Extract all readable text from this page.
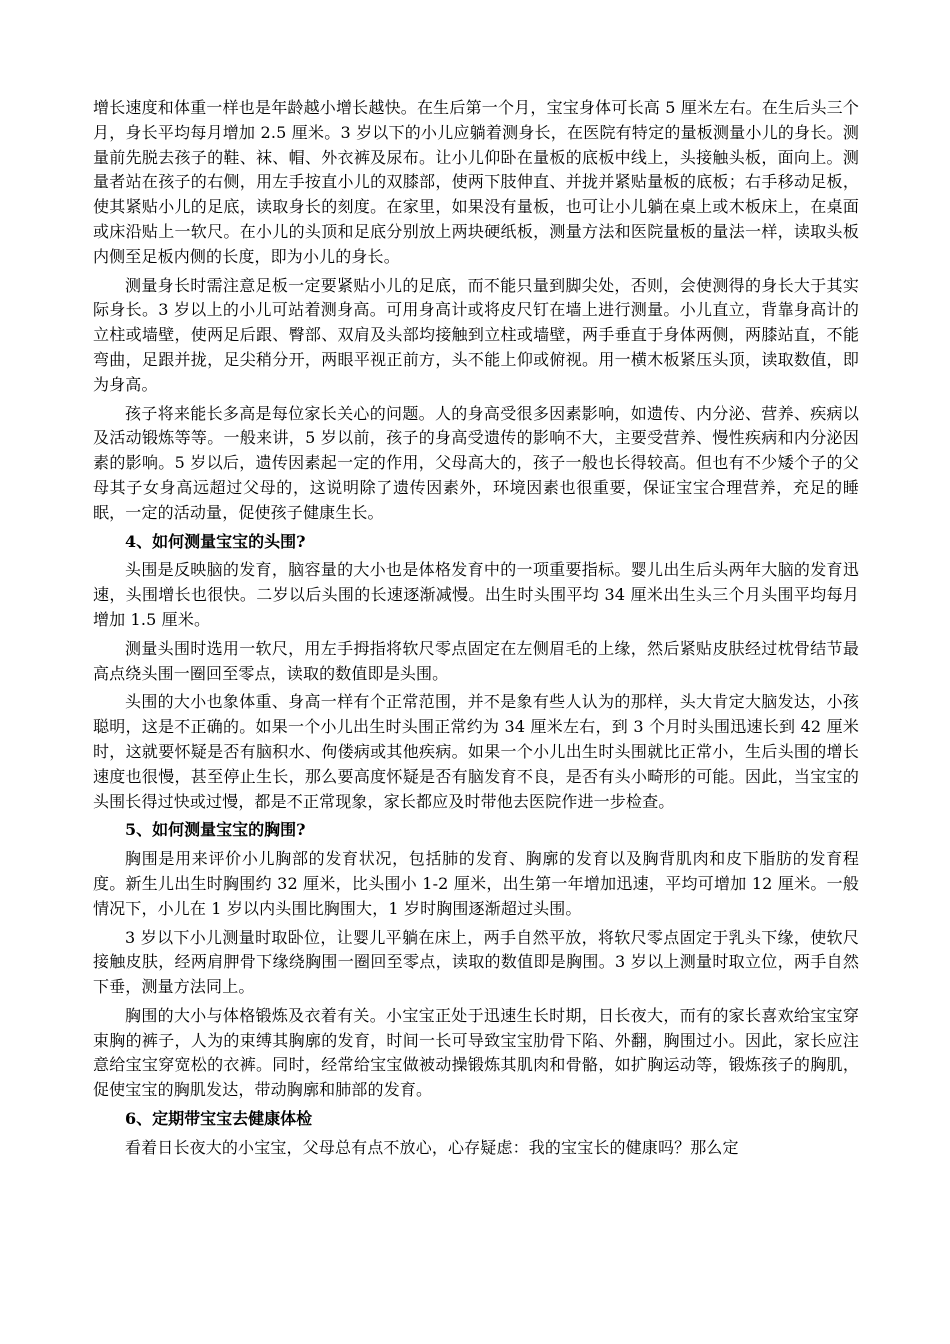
增长速度和体重一样也是年龄越小增长越快。在生后第一个月，宝宝身体可长高 5 厘米左右。在生后头三个月，身长平均每月增加 2.5 厘米。3 岁以下的小儿应躺着测身长，在医院有特定的量板测量小儿的身长。测量前先脱去孩子的鞋、袜、帽、外衣裤及尿布。让小儿仰卧在量板的底板中线上，头接触头板，面向上。测量者站在孩子的右侧，用左手按直小儿的双膝部，使两下肢伸直、并拢并紧贴量板的底板；右手移动足板，使其紧贴小儿的足底，读取身长的刻度。在家里，如果没有量板，也可让小儿躺在桌上或木板床上，在桌面或床沿贴上一软尺。在小儿的头顶和足底分别放上两块硬纸板，测量方法和医院量板的量法一样，读取头板内侧至足板内侧的长度，即为小儿的身长。

测量身长时需注意足板一定要紧贴小儿的足底，而不能只量到脚尖处，否则，会使测得的身长大于其实际身长。3 岁以上的小儿可站着测身高。可用身高计或将皮尺钉在墙上进行测量。小儿直立，背靠身高计的立柱或墙壁，使两足后跟、臀部、双肩及头部均接触到立柱或墙壁，两手垂直于身体两侧，两膝站直，不能弯曲，足跟并拢，足尖稍分开，两眼平视正前方，头不能上仰或俯视。用一横木板紧压头顶，读取数值，即为身高。

孩子将来能长多高是每位家长关心的问题。人的身高受很多因素影响，如遗传、内分泌、营养、疾病以及活动锻炼等等。一般来讲，5 岁以前，孩子的身高受遗传的影响不大，主要受营养、慢性疾病和内分泌因素的影响。5 岁以后，遗传因素起一定的作用，父母高大的，孩子一般也长得较高。但也有不少矮个子的父母其子女身高远超过父母的，这说明除了遗传因素外，环境因素也很重要，保证宝宝合理营养，充足的睡眠，一定的活动量，促使孩子健康生长。

4、如何测量宝宝的头围?

头围是反映脑的发育，脑容量的大小也是体格发育中的一项重要指标。婴儿出生后头两年大脑的发育迅速，头围增长也很快。二岁以后头围的长速逐渐减慢。出生时头围平均 34 厘米出生头三个月头围平均每月增加 1.5 厘米。

测量头围时选用一软尺，用左手拇指将软尺零点固定在左侧眉毛的上缘，然后紧贴皮肤经过枕骨结节最高点绕头围一圈回至零点，读取的数值即是头围。

头围的大小也象体重、身高一样有个正常范围，并不是象有些人认为的那样，头大肯定大脑发达，小孩聪明，这是不正确的。如果一个小儿出生时头围正常约为 34 厘米左右，到 3 个月时头围迅速长到 42 厘米时，这就要怀疑是否有脑积水、佝偻病或其他疾病。如果一个小儿出生时头围就比正常小，生后头围的增长速度也很慢，甚至停止生长，那么要高度怀疑是否有脑发育不良，是否有头小畸形的可能。因此，当宝宝的头围长得过快或过慢，都是不正常现象，家长都应及时带他去医院作进一步检查。

5、如何测量宝宝的胸围?

胸围是用来评价小儿胸部的发育状况，包括肺的发育、胸廓的发育以及胸背肌肉和皮下脂肪的发育程度。新生儿出生时胸围约 32 厘米，比头围小 1-2 厘米，出生第一年增加迅速，平均可增加 12 厘米。一般情况下，小儿在 1 岁以内头围比胸围大，1 岁时胸围逐渐超过头围。

3 岁以下小儿测量时取卧位，让婴儿平躺在床上，两手自然平放，将软尺零点固定于乳头下缘，使软尺接触皮肤，经两肩胛骨下缘绕胸围一圈回至零点，读取的数值即是胸围。3 岁以上测量时取立位，两手自然下垂，测量方法同上。

胸围的大小与体格锻炼及衣着有关。小宝宝正处于迅速生长时期，日长夜大，而有的家长喜欢给宝宝穿束胸的裤子，人为的束缚其胸廓的发育，时间一长可导致宝宝肋骨下陷、外翻，胸围过小。因此，家长应注意给宝宝穿宽松的衣裤。同时，经常给宝宝做被动操锻炼其肌肉和骨骼，如扩胸运动等，锻炼孩子的胸肌，促使宝宝的胸肌发达，带动胸廓和肺部的发育。

6、定期带宝宝去健康体检

看着日长夜大的小宝宝，父母总有点不放心，心存疑虑：我的宝宝长的健康吗？那么定
